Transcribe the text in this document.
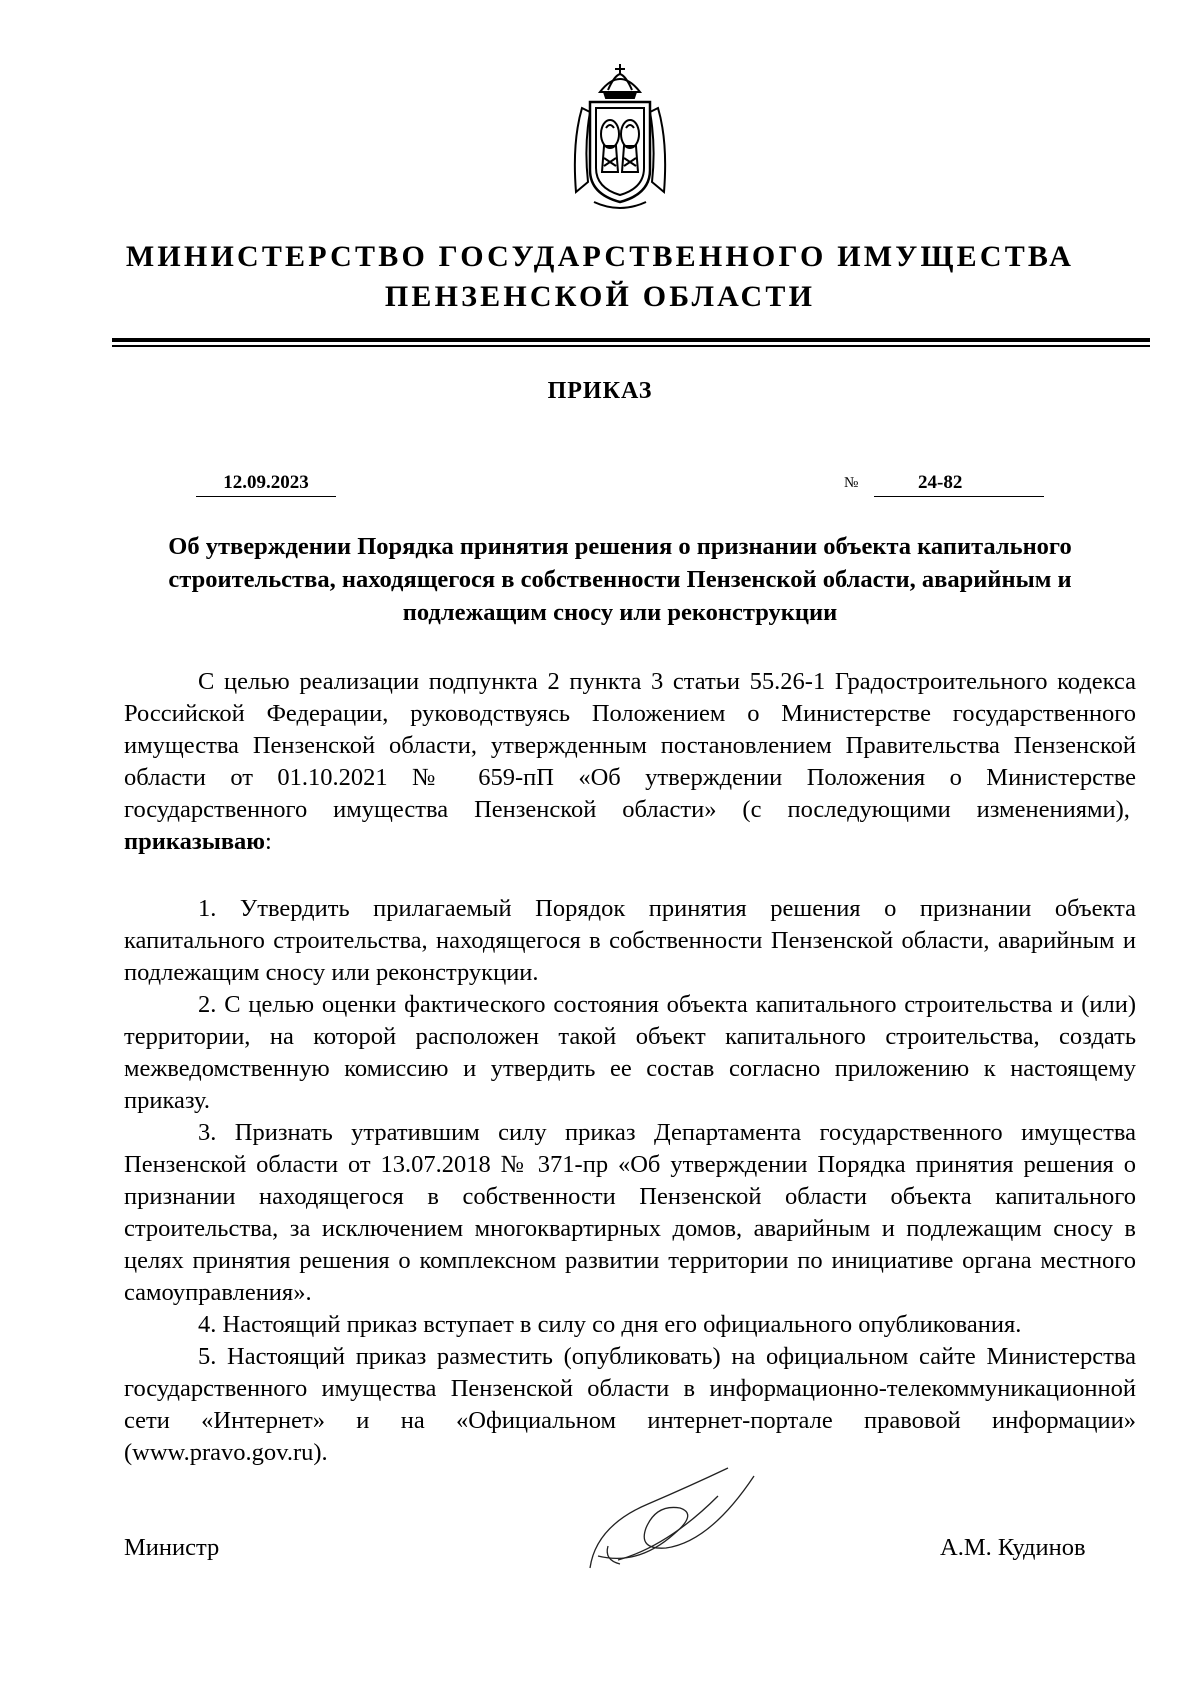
МИНИСТЕРСТВО ГОСУДАРСТВЕННОГО ИМУЩЕСТВА
ПЕНЗЕНСКОЙ ОБЛАСТИ
ПРИКАЗ
12.09.2023	№	24-82
Об утверждении Порядка принятия решения о признании объекта капитального строительства, находящегося в собственности Пензенской области, аварийным и подлежащим сносу или реконструкции

С целью реализации подпункта 2 пункта 3 статьи 55.26-1 Градостроительного кодекса Российской Федерации, руководствуясь Положением о Министерстве государственного имущества Пензенской области, утвержденным постановлением Правительства Пензенской области от 01.10.2021 № 659-пП «Об утверждении Положения о Министерстве государственного имущества Пензенской области» (с последующими изменениями),  приказываю:

1. Утвердить прилагаемый Порядок принятия решения о признании объекта капитального строительства, находящегося в собственности Пензенской области, аварийным и подлежащим сносу или реконструкции.

2. С целью оценки фактического состояния объекта капитального строительства и (или) территории, на которой расположен такой объект капитального строительства, создать межведомственную комиссию и утвердить ее состав согласно приложению к настоящему приказу.

3. Признать утратившим силу приказ Департамента государственного имущества Пензенской области от 13.07.2018 № 371-пр «Об утверждении Порядка принятия решения о признании находящегося в собственности Пензенской области объекта капитального строительства, за исключением многоквартирных домов, аварийным и подлежащим сносу в целях принятия решения о комплексном развитии территории по инициативе органа местного самоуправления».

4. Настоящий приказ вступает в силу со дня его официального опубликования.

5. Настоящий приказ разместить (опубликовать) на официальном сайте Министерства государственного имущества Пензенской области в информационно-телекоммуникационной сети «Интернет» и на «Официальном интернет-портале правовой информации» (www.pravo.gov.ru).

Министр	А.М. Кудинов
